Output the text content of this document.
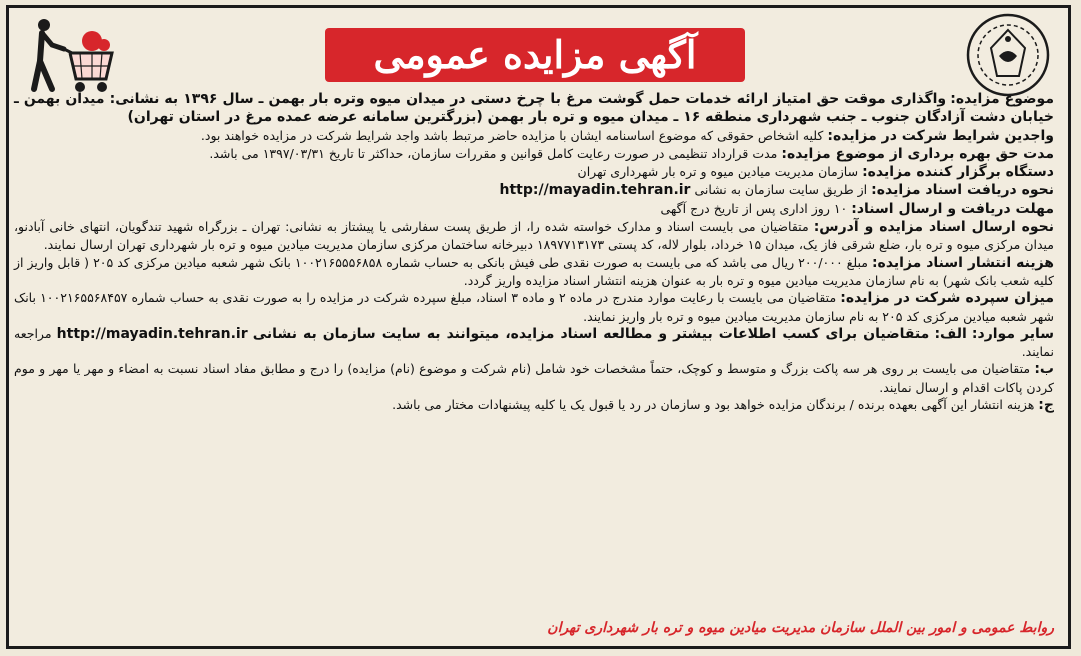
آگهی مزایده عمومی

موضوع مزایده: واگذاری موقت حق امتیاز ارائه خدمات حمل گوشت مرغ با چرخ دستی در میدان میوه وتره بار بهمن ـ سال ۱۳۹۶ به نشانی: میدان بهمن ـ خیابان دشت آزادگان جنوب ـ جنب شهرداری منطقه ۱۶ ـ میدان میوه و تره بار بهمن (بزرگترین سامانه عرضه عمده مرغ در استان تهران)

واجدین شرایط شرکت در مزایده: کلیه اشخاص حقوقی که موضوع اساسنامه ایشان با مزایده حاضر مرتبط باشد واجد شرایط شرکت در مزایده خواهند بود.

مدت حق بهره برداری از موضوع مزایده: مدت قرارداد تنظیمی در صورت رعایت کامل قوانین و مقررات سازمان، حداکثر تا تاریخ ۱۳۹۷/۰۳/۳۱ می باشد.

دستگاه برگزار کننده مزایده: سازمان مدیریت میادین میوه و تره بار شهرداری تهران

نحوه دریافت اسناد مزایده: از طریق سایت سازمان به نشانی http://mayadin.tehran.ir

مهلت دریافت و ارسال اسناد: ۱۰ روز اداری پس از تاریخ درج آگهی

نحوه ارسال اسناد مزایده و آدرس: متقاضیان می بایست اسناد و مدارک خواسته شده را، از طریق پست سفارشی یا پیشتاز به نشانی: تهران ـ بزرگراه شهید تندگویان، انتهای خانی آبادنو، میدان مرکزی میوه و تره بار، ضلع شرقی فاز یک، میدان ۱۵ خرداد، بلوار لاله، کد پستی ۱۸۹۷۷۱۳۱۷۳ دبیرخانه ساختمان مرکزی سازمان مدیریت میادین میوه و تره بار شهرداری تهران ارسال نمایند.

هزینه انتشار اسناد مزایده: مبلغ ۲۰۰/۰۰۰ ریال می باشد که می بایست به صورت نقدی طی فیش بانکی به حساب شماره ۱۰۰۲۱۶۵۵۵۶۸۵۸ بانک شهر شعبه میادین مرکزی کد ۲۰۵ ( قابل واریز از کلیه شعب بانک شهر) به نام سازمان مدیریت میادین میوه و تره بار به عنوان هزینه انتشار اسناد مزایده واریز گردد.

میزان سپرده شرکت در مزایده: متقاضیان می بایست با رعایت موارد مندرج در ماده ۲ و ماده ۳ اسناد، مبلغ سپرده شرکت در مزایده را به صورت نقدی به حساب شماره ۱۰۰۲۱۶۵۵۶۸۴۵۷ بانک شهر شعبه میادین مرکزی کد ۲۰۵ به نام سازمان مدیریت میادین میوه و تره بار واریز نمایند.

سایر موارد: الف: متقاضیان برای کسب اطلاعات بیشتر و مطالعه اسناد مزایده، میتوانند به سایت سازمان به نشانی http://mayadin.tehran.ir مراجعه نمایند.

ب: متقاضیان می بایست بر روی هر سه پاکت بزرگ و متوسط و کوچک، حتماً مشخصات خود شامل (نام شرکت و موضوع (نام) مزایده) را درج و مطابق مفاد اسناد نسبت به امضاء و مهر یا مهر و موم کردن پاکات اقدام و ارسال نمایند.

ج: هزینه انتشار این آگهی بعهده برنده / برندگان مزایده خواهد بود و سازمان در رد یا قبول یک یا کلیه پیشنهادات مختار می باشد.

روابط عمومی و امور بین الملل سازمان مدیریت میادین میوه و تره بار شهرداری تهران
